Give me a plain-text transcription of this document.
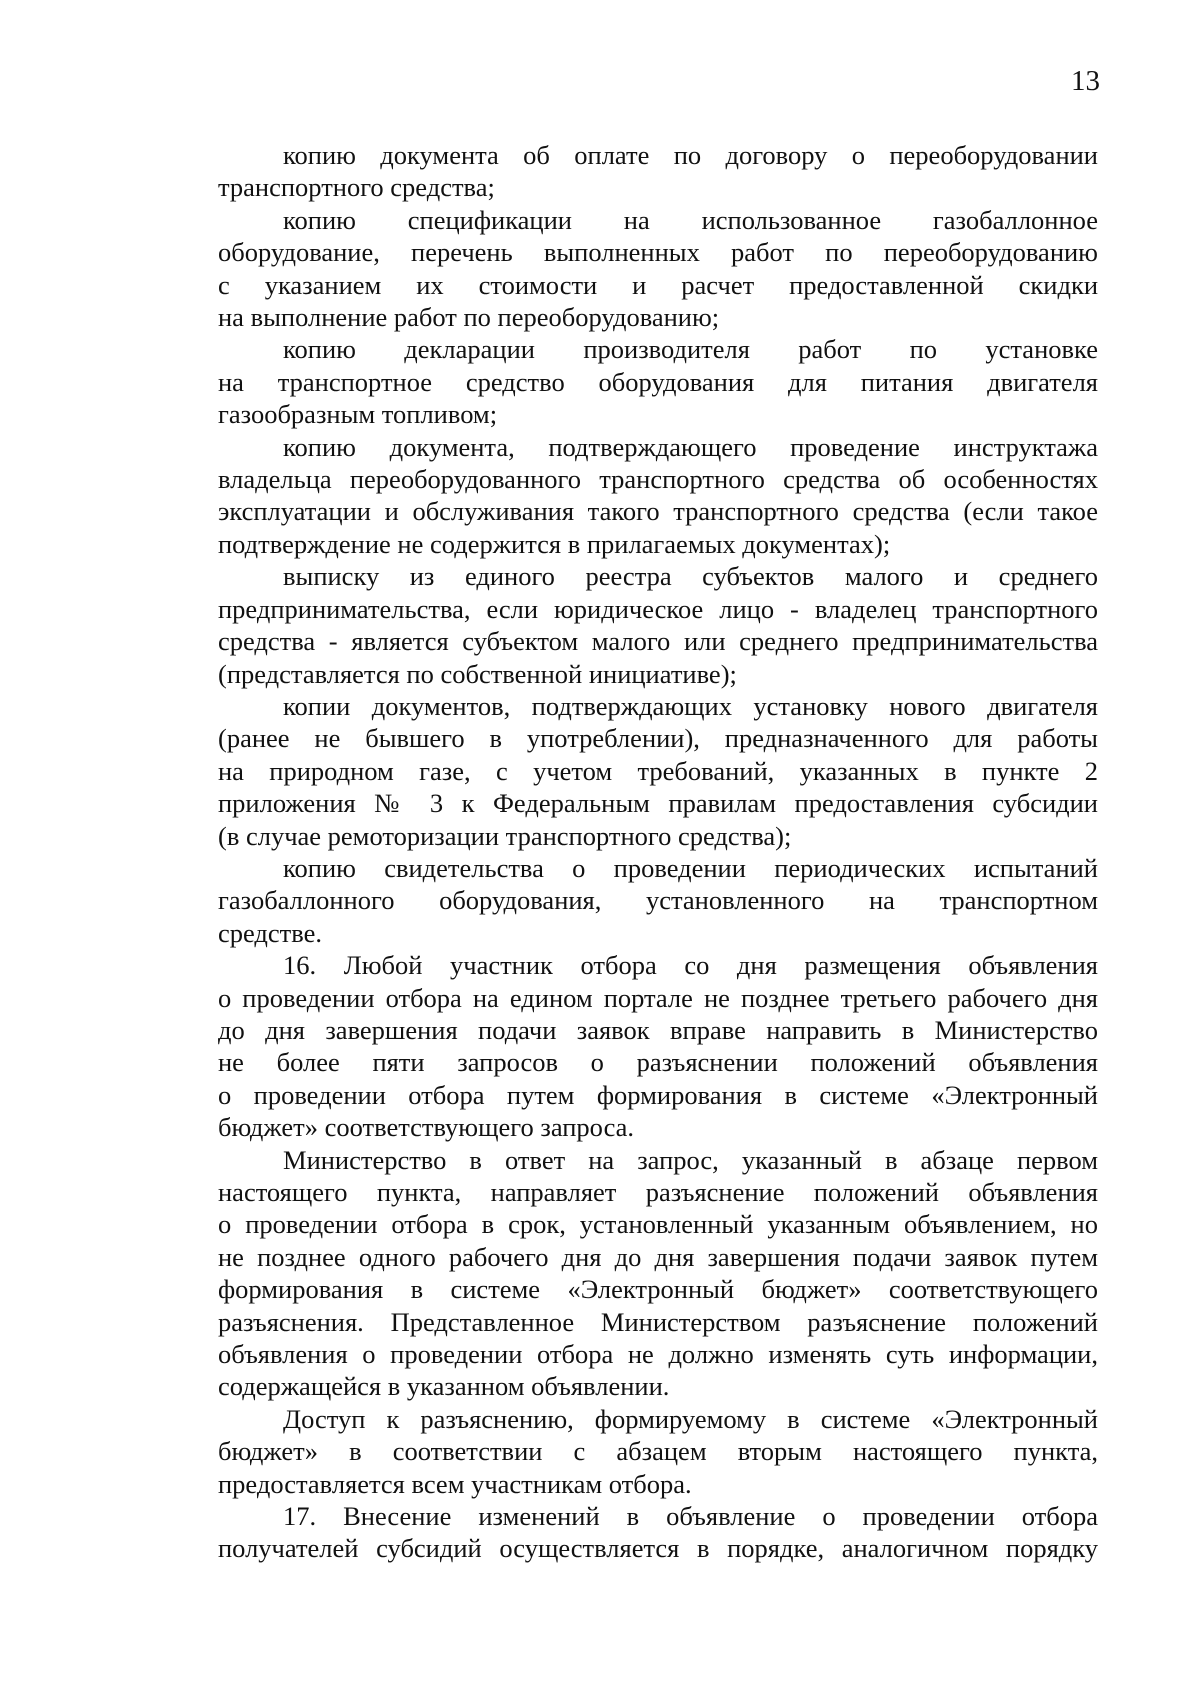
13
копию документа об оплате по договору о переоборудовании
транспортного средства;
копию спецификации на использованное газобаллонное
оборудование, перечень выполненных работ по переоборудованию
с указанием их стоимости и расчет предоставленной скидки
на выполнение работ по переоборудованию;
копию декларации производителя работ по установке
на транспортное средство оборудования для питания двигателя
газообразным топливом;
копию документа, подтверждающего проведение инструктажа
владельца переоборудованного транспортного средства об особенностях
эксплуатации и обслуживания такого транспортного средства (если такое
подтверждение не содержится в прилагаемых документах);
выписку из единого реестра субъектов малого и среднего
предпринимательства, если юридическое лицо - владелец транспортного
средства - является субъектом малого или среднего предпринимательства
(представляется по собственной инициативе);
копии документов, подтверждающих установку нового двигателя
(ранее не бывшего в употреблении), предназначенного для работы
на природном газе, с учетом требований, указанных в пункте 2
приложения № 3 к Федеральным правилам предоставления субсидии
(в случае ремоторизации транспортного средства);
копию свидетельства о проведении периодических испытаний
газобаллонного оборудования, установленного на транспортном
средстве.
16. Любой участник отбора со дня размещения объявления
о проведении отбора на едином портале не позднее третьего рабочего дня
до дня завершения подачи заявок вправе направить в Министерство
не более пяти запросов о разъяснении положений объявления
о проведении отбора путем формирования в системе «Электронный
бюджет» соответствующего запроса.
Министерство в ответ на запрос, указанный в абзаце первом
настоящего пункта, направляет разъяснение положений объявления
о проведении отбора в срок, установленный указанным объявлением, но
не позднее одного рабочего дня до дня завершения подачи заявок путем
формирования в системе «Электронный бюджет» соответствующего
разъяснения. Представленное Министерством разъяснение положений
объявления о проведении отбора не должно изменять суть информации,
содержащейся в указанном объявлении.
Доступ к разъяснению, формируемому в системе «Электронный
бюджет» в соответствии с абзацем вторым настоящего пункта,
предоставляется всем участникам отбора.
17. Внесение изменений в объявление о проведении отбора
получателей субсидий осуществляется в порядке, аналогичном порядку
